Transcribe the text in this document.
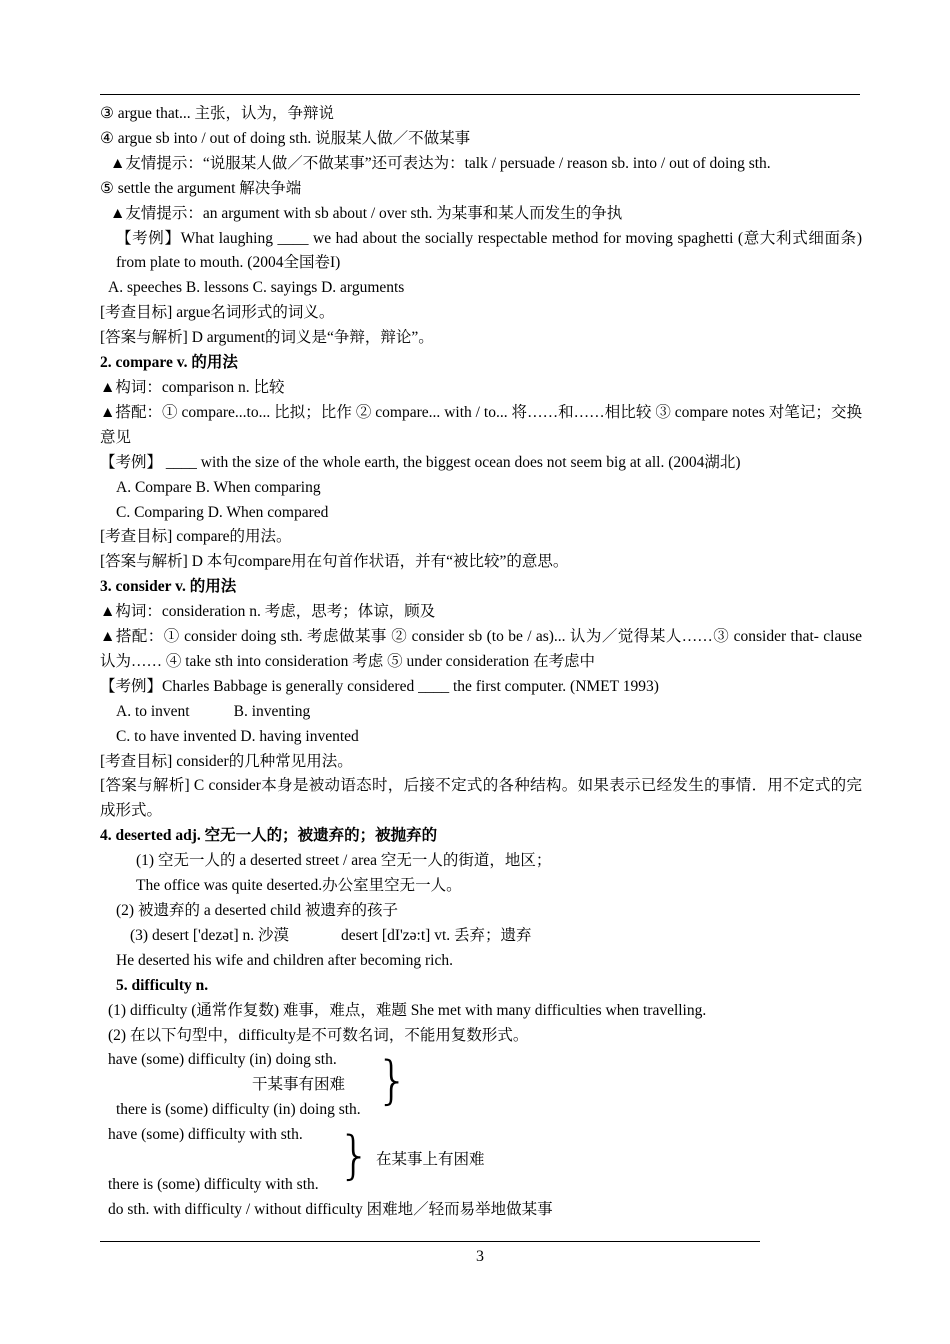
③ argue that... 主张，认为，争辩说
④ argue sb into / out of doing sth. 说服某人做／不做某事
▲友情提示：“说服某人做／不做某事”还可表达为：talk / persuade / reason sb. into / out of doing sth.
⑤ settle the argument 解决争端
▲友情提示：an argument with sb about / over sth. 为某事和某人而发生的争执
【考例】What laughing ____ we had about the socially respectable method for moving spaghetti (意大利式细面条) from plate to mouth. (2004全国卷I)
A. speeches B. lessons C. sayings D. arguments
[考查目标] argue名词形式的词义。
[答案与解析] D argument的词义是“争辩，辩论”。
2. compare v. 的用法
▲构词：comparison n. 比较
▲搭配：① compare...to... 比拟；比作 ② compare... with / to... 将……和……相比较 ③ compare notes 对笔记；交换意见
【考例】 ____ with the size of the whole earth, the biggest ocean does not seem big at all. (2004湖北)
A. Compare B. When comparing
C. Comparing D. When compared
[考查目标] compare的用法。
[答案与解析] D 本句compare用在句首作状语，并有“被比较”的意思。
3. consider v. 的用法
▲构词：consideration n. 考虑，思考；体谅，顾及
▲搭配：① consider doing sth. 考虑做某事 ② consider sb (to be / as)... 认为／觉得某人……③ consider that- clause 认为…… ④ take sth into consideration 考虑 ⑤ under consideration 在考虑中
【考例】Charles Babbage is generally considered ____ the first computer. (NMET 1993)
A. to invent	B. inventing
C. to have invented D. having invented
[考查目标] consider的几种常见用法。
[答案与解析] C consider本身是被动语态时，后接不定式的各种结构。如果表示已经发生的事情．用不定式的完成形式。
4. deserted adj. 空无一人的；被遗弃的；被抛弃的
(1) 空无一人的 a deserted street / area 空无一人的街道，地区；
The office was quite deserted.办公室里空无一人。
(2) 被遗弃的 a deserted child 被遗弃的孩子
(3) desert ['dezət] n. 沙漠	desert [dI'zə:t] vt. 丢弃；遗弃
He deserted his wife and children after becoming rich.
5. difficulty n.
(1) difficulty (通常作复数) 难事，难点，难题 She met with many difficulties when travelling.
(2) 在以下句型中，difficulty是不可数名词，不能用复数形式。
have (some) difficulty (in) doing sth.
干某事有困难 }
there is (some) difficulty (in) doing sth.
have (some) difficulty with sth. } 在某事上有困难
there is (some) difficulty with sth.
do sth. with difficulty / without difficulty 困难地／轻而易举地做某事
3
